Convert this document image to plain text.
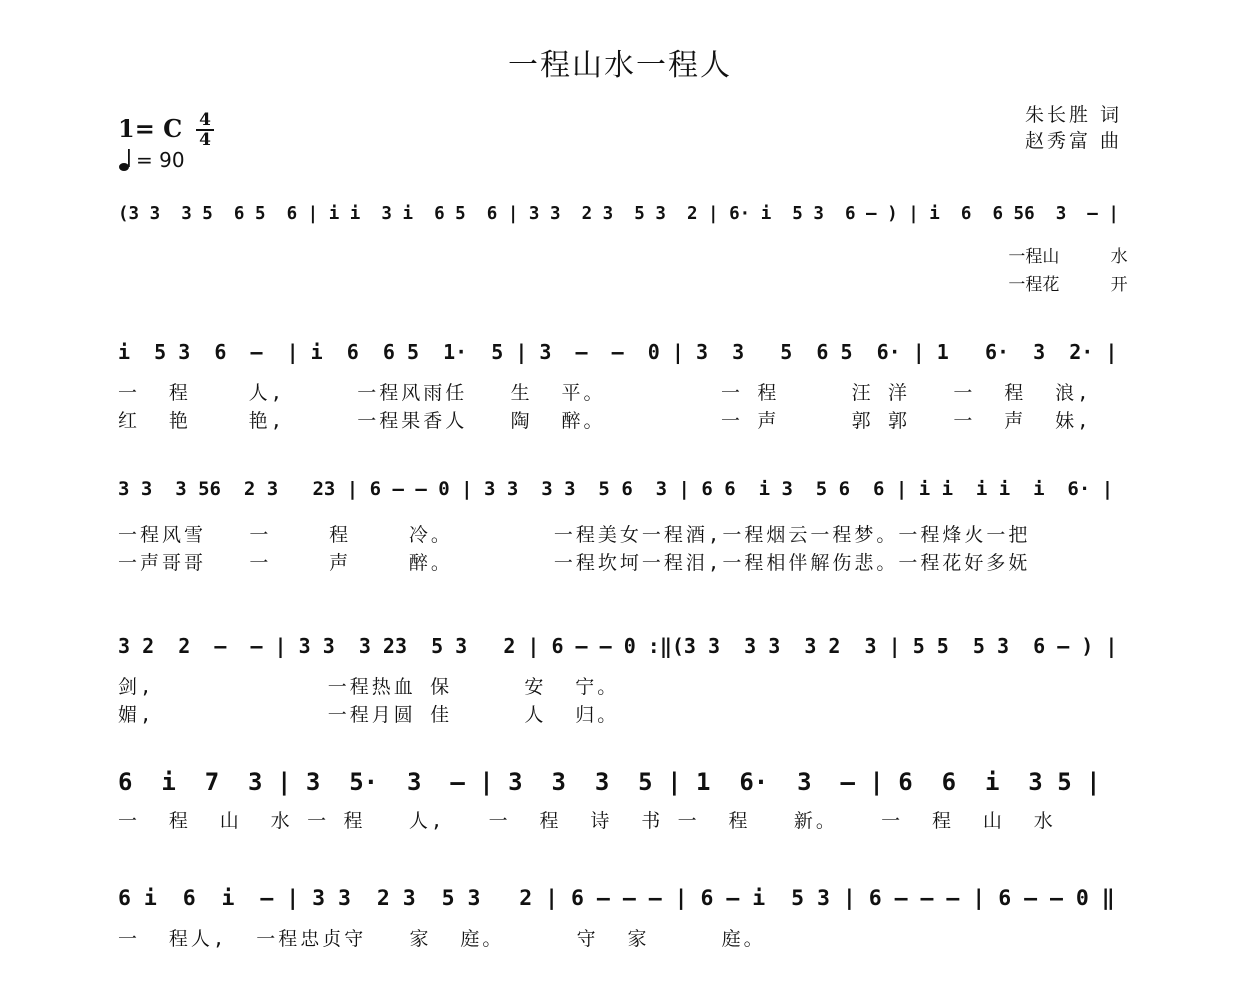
一程山水一程人
1= C 4
4
= 90
朱长胜 词
赵秀富 曲
(3 3  3 5  6 5  6 | i i  3 i  6 5  6 | 3 3  2 3  5 3  2 | 6· i  5 3  6 – ) | i  6  6 56  3  – |
一程山     水
一程花     开
i  5 3  6  –  | i  6  6 5  1·  5 | 3  –  –  0 | 3  3   5  6 5  6· | 1   6·  3  2· |
一  程    人,     一程风雨任   生  平。        一 程     汪 洋   一  程  浪,
红  艳    艳,     一程果香人   陶  醉。        一 声     郭 郭   一  声  妹,
3 3  3 56  2 3   23 | 6 – – 0 | 3 3  3 3  5 6  3 | 6 6  i 3  5 6  6 | i i  i i  i  6· |
一程风雪   一    程    冷。       一程美女一程酒,一程烟云一程梦。一程烽火一把
一声哥哥   一    声    醉。       一程坎坷一程泪,一程相伴解伤悲。一程花好多妩
3 2  2  –  – | 3 3  3 23  5 3   2 | 6 – – 0 :‖(3 3  3 3  3 2  3 | 5 5  5 3  6 – ) |
剑,            一程热血 保     安  宁。
媚,            一程月圆 佳     人  归。
6  i  7  3 | 3  5·  3  – | 3  3  3  5 | 1  6·  3  – | 6  6  i  3 5 |
一  程  山  水 一 程   人,   一  程  诗  书 一  程   新。   一  程  山  水
6 i  6  i  – | 3 3  2 3  5 3   2 | 6 – – – | 6 – i  5 3 | 6 – – – | 6 – – 0 ‖
一  程人,  一程忠贞守   家  庭。     守  家     庭。
